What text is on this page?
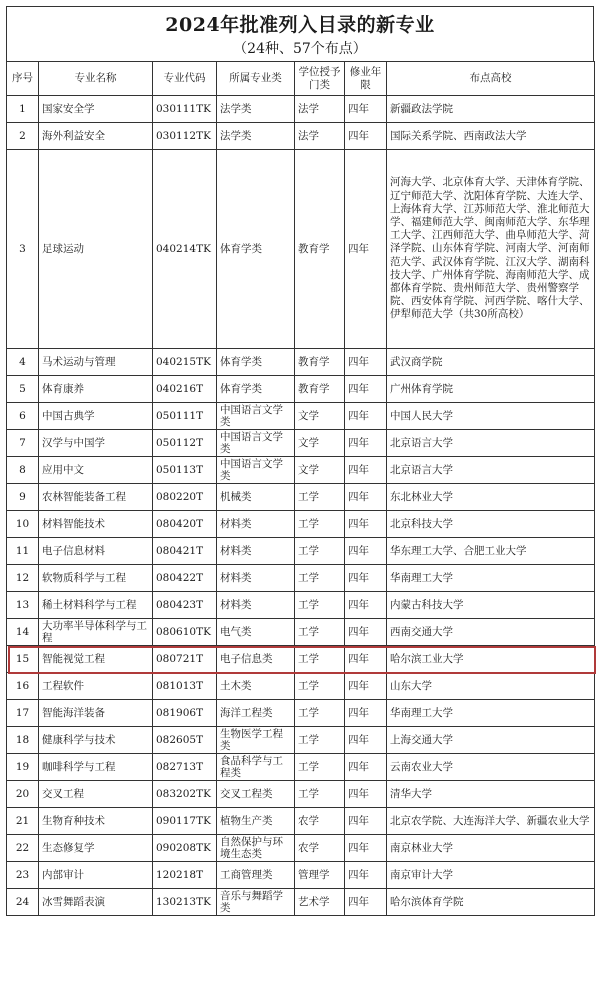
2024年批准列入目录的新专业
（24种、57个布点）
序号	专业名称	专业代码	所属专业类	学位授予门类	修业年限	布点高校
1	国家安全学	030111TK	法学类	法学	四年	新疆政法学院
2	海外利益安全	030112TK	法学类	法学	四年	国际关系学院、西南政法大学
3	足球运动	040214TK	体育学类	教育学	四年	河海大学、北京体育大学、天津体育学院、辽宁师范大学、沈阳体育学院、大连大学、上海体育大学、江苏师范大学、淮北师范大学、福建师范大学、闽南师范大学、东华理工大学、江西师范大学、曲阜师范大学、菏泽学院、山东体育学院、河南大学、河南师范大学、武汉体育学院、江汉大学、湖南科技大学、广州体育学院、海南师范大学、成都体育学院、贵州师范大学、贵州警察学院、西安体育学院、河西学院、喀什大学、伊犁师范大学（共30所高校）
4	马术运动与管理	040215TK	体育学类	教育学	四年	武汉商学院
5	体育康养	040216T	体育学类	教育学	四年	广州体育学院
6	中国古典学	050111T	中国语言文学类	文学	四年	中国人民大学
7	汉学与中国学	050112T	中国语言文学类	文学	四年	北京语言大学
8	应用中文	050113T	中国语言文学类	文学	四年	北京语言大学
9	农林智能装备工程	080220T	机械类	工学	四年	东北林业大学
10	材料智能技术	080420T	材料类	工学	四年	北京科技大学
11	电子信息材料	080421T	材料类	工学	四年	华东理工大学、合肥工业大学
12	软物质科学与工程	080422T	材料类	工学	四年	华南理工大学
13	稀土材料科学与工程	080423T	材料类	工学	四年	内蒙古科技大学
14	大功率半导体科学与工程	080610TK	电气类	工学	四年	西南交通大学
15	智能视觉工程	080721T	电子信息类	工学	四年	哈尔滨工业大学
16	工程软件	081013T	土木类	工学	四年	山东大学
17	智能海洋装备	081906T	海洋工程类	工学	四年	华南理工大学
18	健康科学与技术	082605T	生物医学工程类	工学	四年	上海交通大学
19	咖啡科学与工程	082713T	食品科学与工程类	工学	四年	云南农业大学
20	交叉工程	083202TK	交叉工程类	工学	四年	清华大学
21	生物育种技术	090117TK	植物生产类	农学	四年	北京农学院、大连海洋大学、新疆农业大学
22	生态修复学	090208TK	自然保护与环境生态类	农学	四年	南京林业大学
23	内部审计	120218T	工商管理类	管理学	四年	南京审计大学
24	冰雪舞蹈表演	130213TK	音乐与舞蹈学类	艺术学	四年	哈尔滨体育学院
